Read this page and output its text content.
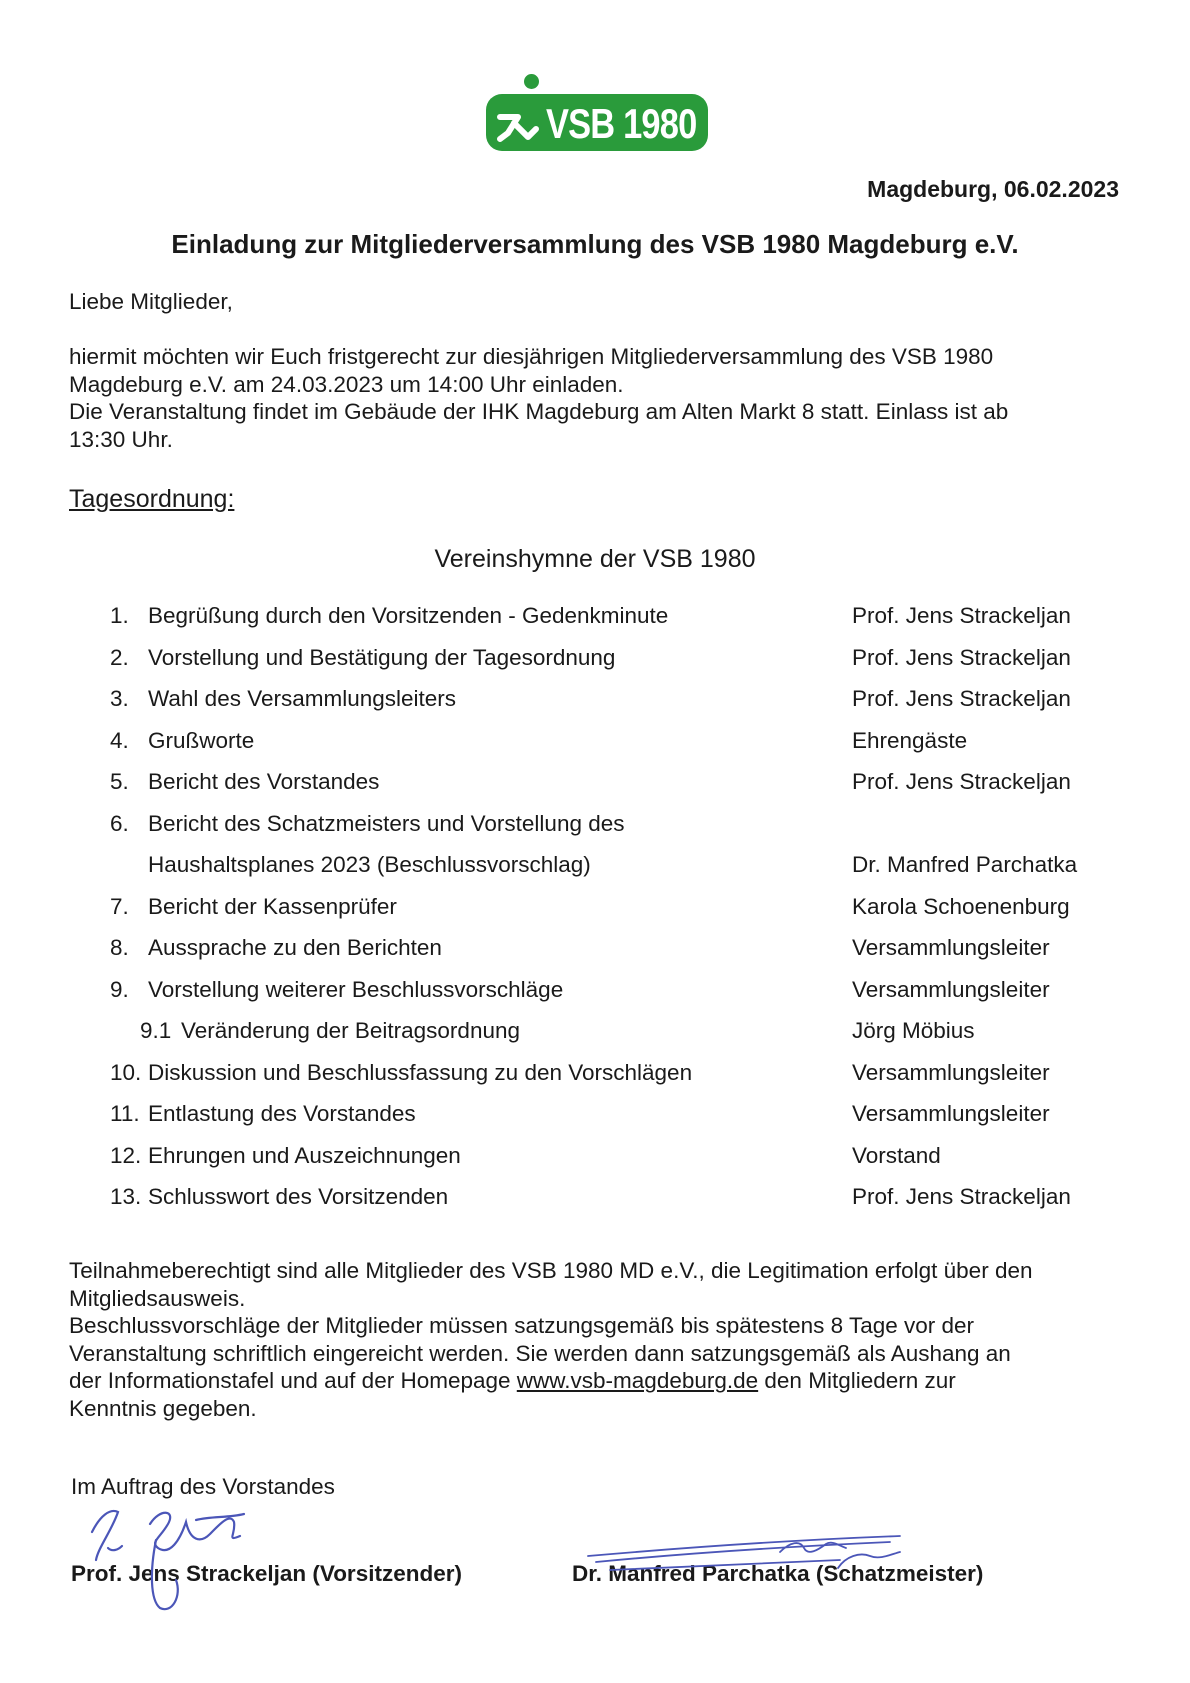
VSB 1980
Magdeburg, 06.02.2023
Einladung zur Mitgliederversammlung des VSB 1980 Magdeburg e.V.
Liebe Mitglieder,
hiermit möchten wir Euch fristgerecht zur diesjährigen Mitgliederversammlung des VSB 1980
Magdeburg e.V. am 24.03.2023 um 14:00 Uhr einladen.
Die Veranstaltung findet im Gebäude der IHK Magdeburg am Alten Markt 8 statt. Einlass ist ab
13:30 Uhr.
Tagesordnung:
Vereinshymne der VSB 1980
1. Begrüßung durch den Vorsitzenden - Gedenkminute	Prof. Jens Strackeljan
2. Vorstellung und Bestätigung der Tagesordnung	Prof. Jens Strackeljan
3. Wahl des Versammlungsleiters	Prof. Jens Strackeljan
4. Grußworte	Ehrengäste
5. Bericht des Vorstandes	Prof. Jens Strackeljan
6. Bericht des Schatzmeisters und Vorstellung des
Haushaltsplanes 2023 (Beschlussvorschlag)	Dr. Manfred Parchatka
7. Bericht der Kassenprüfer	Karola Schoenenburg
8. Aussprache zu den Berichten	Versammlungsleiter
9. Vorstellung weiterer Beschlussvorschläge	Versammlungsleiter
9.1 Veränderung der Beitragsordnung	Jörg Möbius
10. Diskussion und Beschlussfassung zu den Vorschlägen	Versammlungsleiter
11. Entlastung des Vorstandes	Versammlungsleiter
12. Ehrungen und Auszeichnungen	Vorstand
13. Schlusswort des Vorsitzenden	Prof. Jens Strackeljan
Teilnahmeberechtigt sind alle Mitglieder des VSB 1980 MD e.V., die Legitimation erfolgt über den
Mitgliedsausweis.
Beschlussvorschläge der Mitglieder müssen satzungsgemäß bis spätestens 8 Tage vor der
Veranstaltung schriftlich eingereicht werden. Sie werden dann satzungsgemäß als Aushang an
der Informationstafel und auf der Homepage www.vsb-magdeburg.de den Mitgliedern zur
Kenntnis gegeben.
Im Auftrag des Vorstandes
Prof. Jens Strackeljan (Vorsitzender)	Dr. Manfred Parchatka (Schatzmeister)
